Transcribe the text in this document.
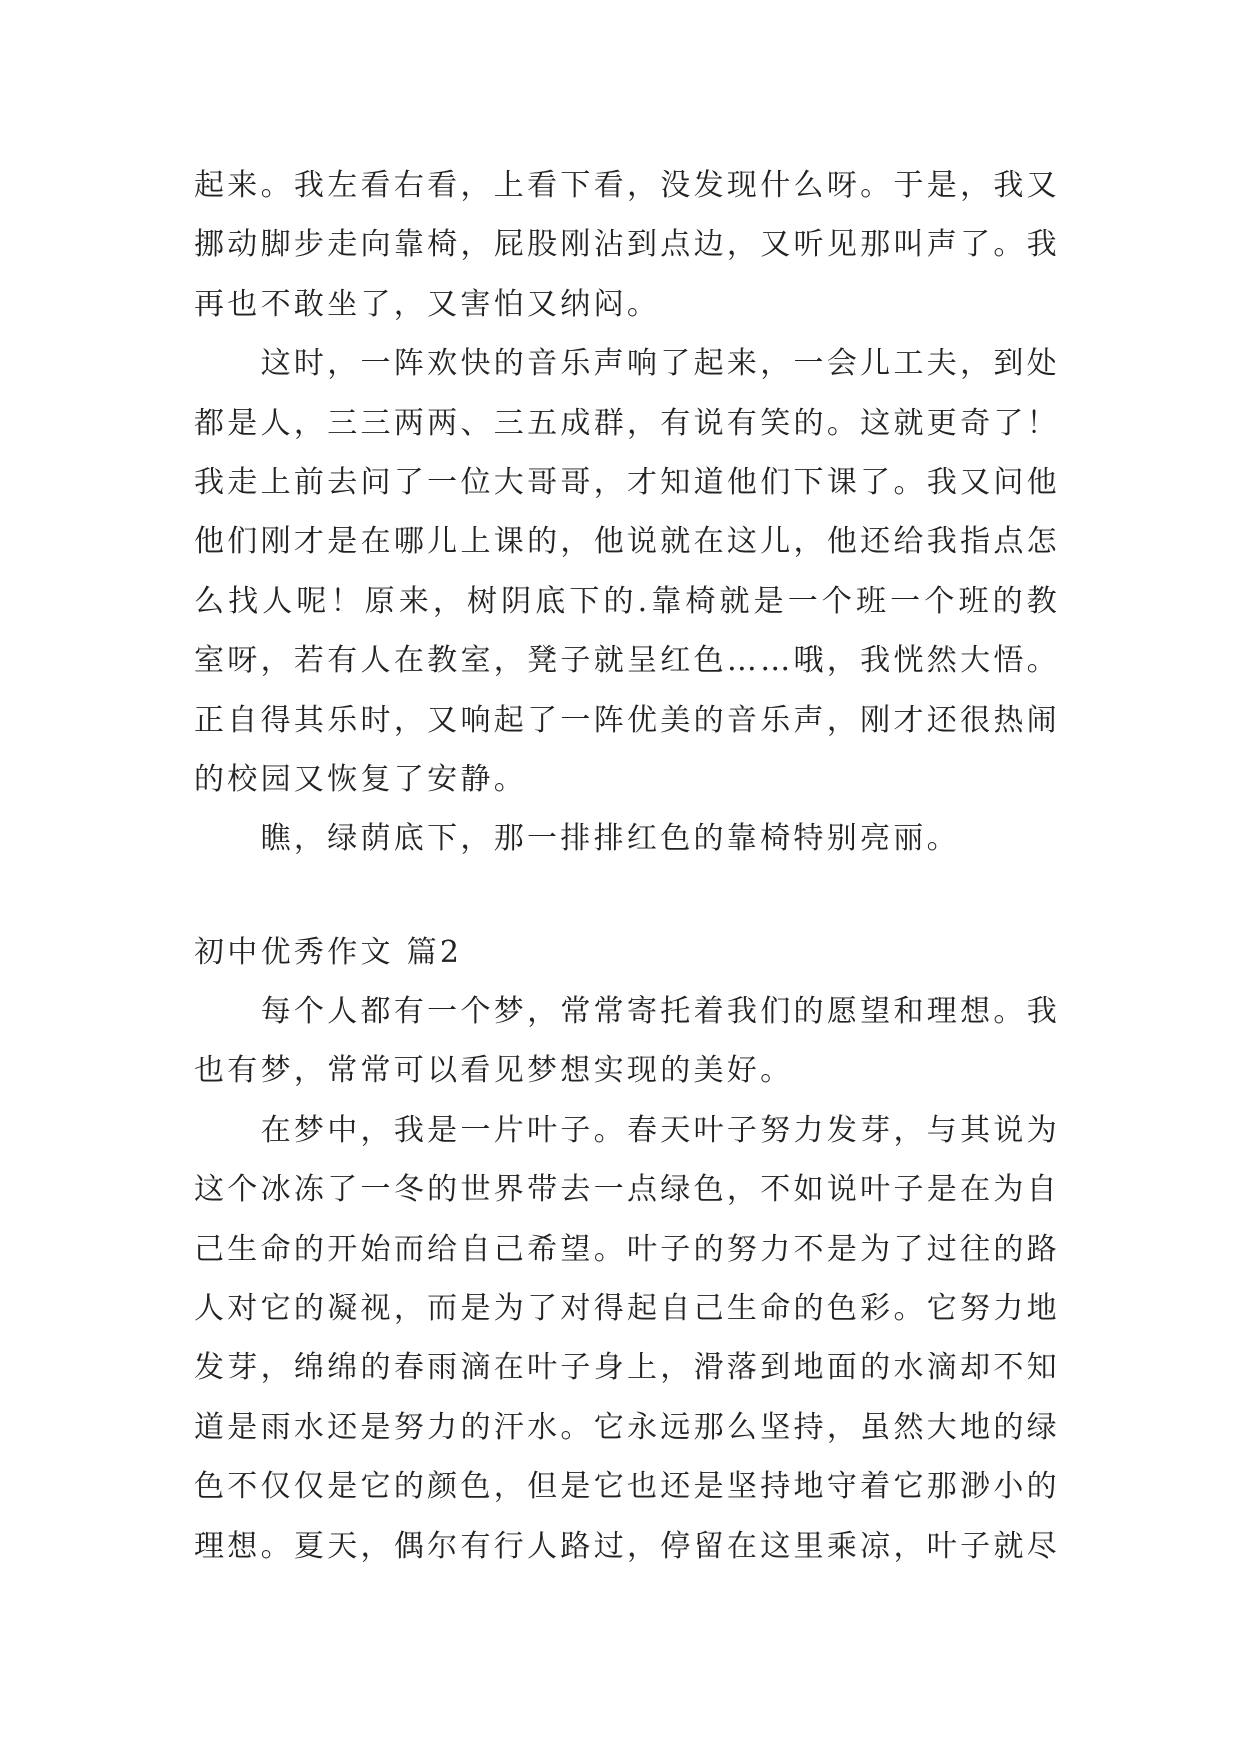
起来。我左看右看，上看下看，没发现什么呀。于是，我又
挪动脚步走向靠椅，屁股刚沾到点边，又听见那叫声了。我
再也不敢坐了，又害怕又纳闷。
这时，一阵欢快的音乐声响了起来，一会儿工夫，到处
都是人，三三两两、三五成群，有说有笑的。这就更奇了！
我走上前去问了一位大哥哥，才知道他们下课了。我又问他
他们刚才是在哪儿上课的，他说就在这儿，他还给我指点怎
么找人呢！原来，树阴底下的.靠椅就是一个班一个班的教
室呀，若有人在教室，凳子就呈红色……哦，我恍然大悟。
正自得其乐时，又响起了一阵优美的音乐声，刚才还很热闹
的校园又恢复了安静。
瞧，绿荫底下，那一排排红色的靠椅特别亮丽。
初中优秀作文 篇2
每个人都有一个梦，常常寄托着我们的愿望和理想。我
也有梦，常常可以看见梦想实现的美好。
在梦中，我是一片叶子。春天叶子努力发芽，与其说为
这个冰冻了一冬的世界带去一点绿色，不如说叶子是在为自
己生命的开始而给自己希望。叶子的努力不是为了过往的路
人对它的凝视，而是为了对得起自己生命的色彩。它努力地
发芽，绵绵的春雨滴在叶子身上，滑落到地面的水滴却不知
道是雨水还是努力的汗水。它永远那么坚持，虽然大地的绿
色不仅仅是它的颜色，但是它也还是坚持地守着它那渺小的
理想。夏天，偶尔有行人路过，停留在这里乘凉，叶子就尽
